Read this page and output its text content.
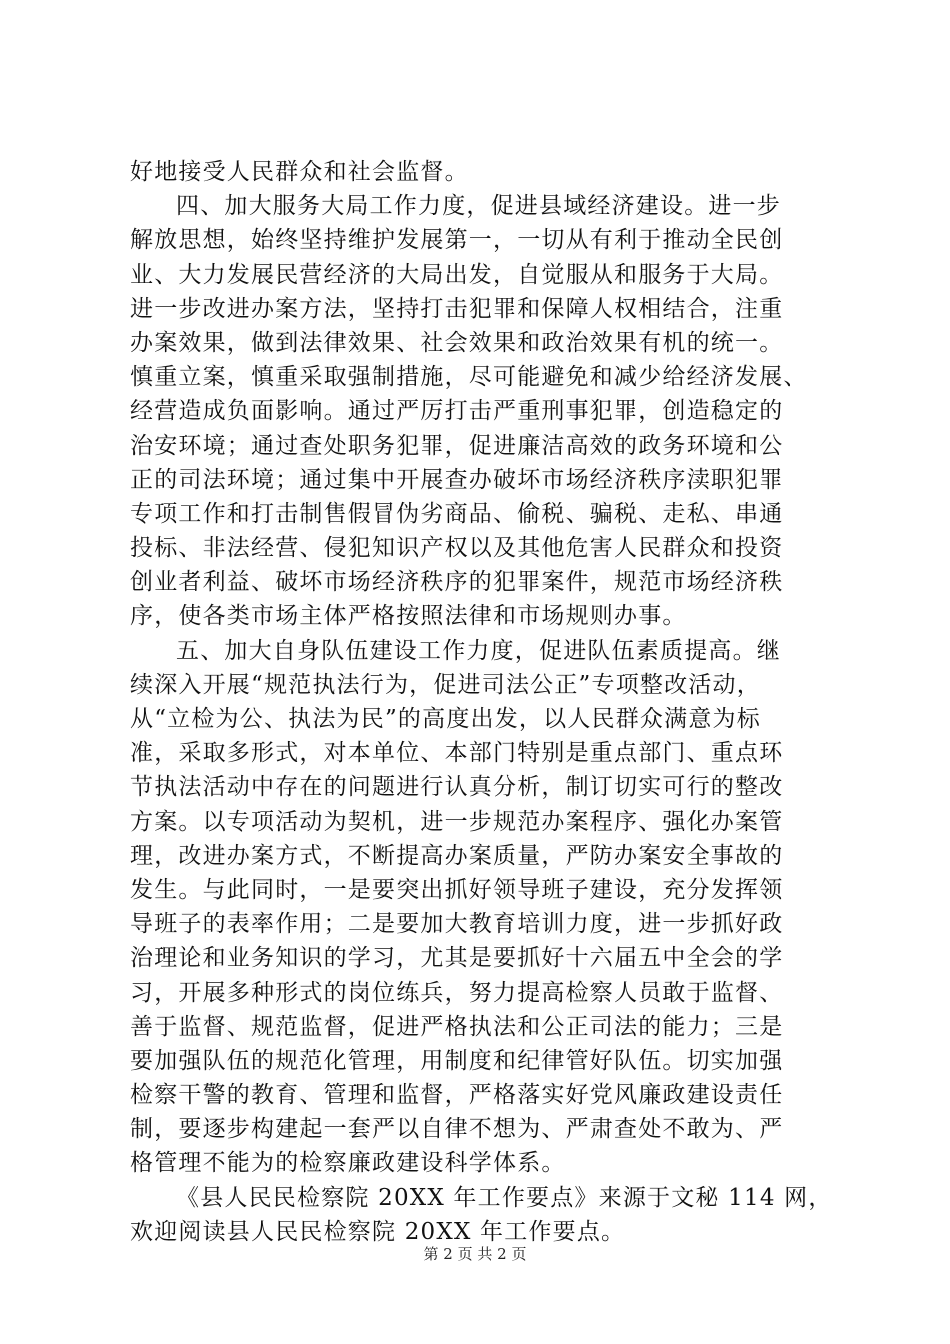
好地接受人民群众和社会监督。
四、加大服务大局工作力度，促进县域经济建设。进一步
解放思想，始终坚持维护发展第一，一切从有利于推动全民创
业、大力发展民营经济的大局出发，自觉服从和服务于大局。
进一步改进办案方法，坚持打击犯罪和保障人权相结合，注重
办案效果，做到法律效果、社会效果和政治效果有机的统一。
慎重立案，慎重采取强制措施，尽可能避免和减少给经济发展、
经营造成负面影响。通过严厉打击严重刑事犯罪，创造稳定的
治安环境；通过查处职务犯罪，促进廉洁高效的政务环境和公
正的司法环境；通过集中开展查办破坏市场经济秩序渎职犯罪
专项工作和打击制售假冒伪劣商品、偷税、骗税、走私、串通
投标、非法经营、侵犯知识产权以及其他危害人民群众和投资
创业者利益、破坏市场经济秩序的犯罪案件，规范市场经济秩
序，使各类市场主体严格按照法律和市场规则办事。
五、加大自身队伍建设工作力度，促进队伍素质提高。继
续深入开展“规范执法行为，促进司法公正”专项整改活动，
从“立检为公、执法为民”的高度出发，以人民群众满意为标
准，采取多形式，对本单位、本部门特别是重点部门、重点环
节执法活动中存在的问题进行认真分析，制订切实可行的整改
方案。以专项活动为契机，进一步规范办案程序、强化办案管
理，改进办案方式，不断提高办案质量，严防办案安全事故的
发生。与此同时，一是要突出抓好领导班子建设，充分发挥领
导班子的表率作用；二是要加大教育培训力度，进一步抓好政
治理论和业务知识的学习，尤其是要抓好十六届五中全会的学
习，开展多种形式的岗位练兵，努力提高检察人员敢于监督、
善于监督、规范监督，促进严格执法和公正司法的能力；三是
要加强队伍的规范化管理，用制度和纪律管好队伍。切实加强
检察干警的教育、管理和监督，严格落实好党风廉政建设责任
制，要逐步构建起一套严以自律不想为、严肃查处不敢为、严
格管理不能为的检察廉政建设科学体系。
《县人民民检察院 20XX 年工作要点》来源于文秘 114 网，
欢迎阅读县人民民检察院 20XX 年工作要点。
第 2 页 共 2 页
